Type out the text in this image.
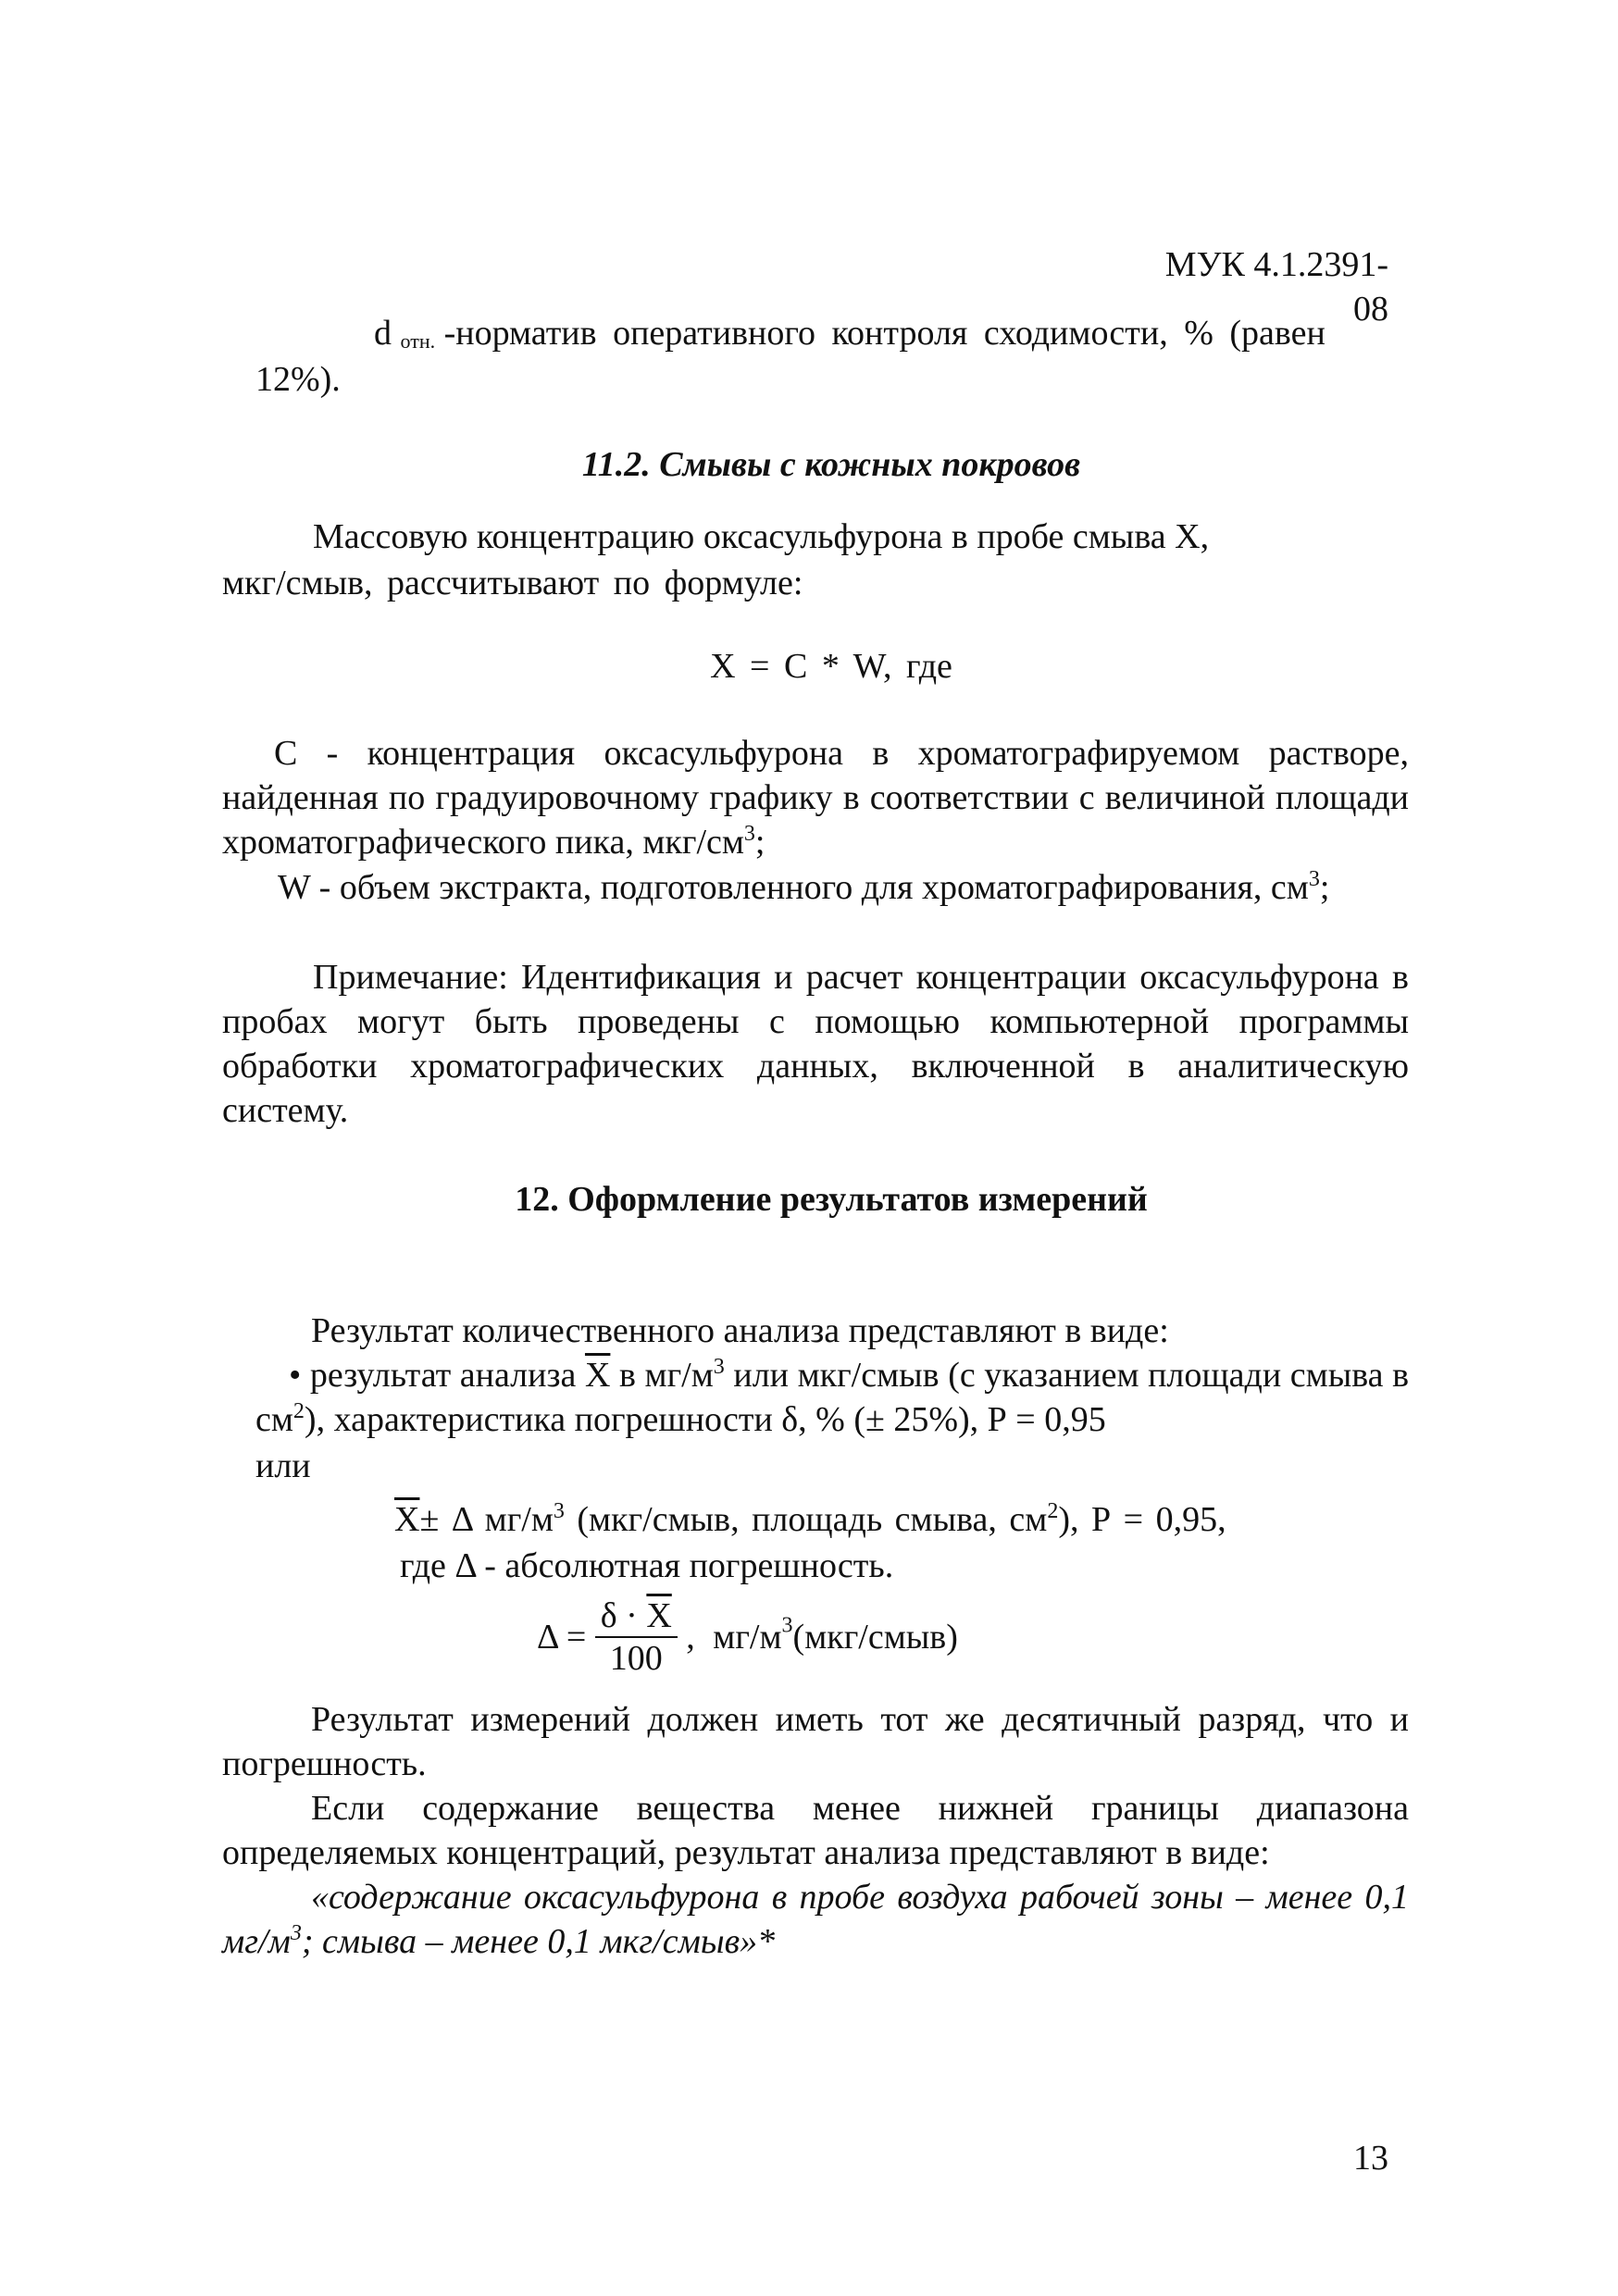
МУК 4.1.2391-08
d $_{отн.}$ -норматив оперативного контроля сходимости, % (равен
12%).
11.2. Смывы с кожных покровов
Массовую концентрацию оксасульфурона в пробе смыва X,
мкг/смыв, рассчитывают по формуле:
X = C * W, где
C - концентрация оксасульфурона в хроматографируемом растворе, найденная по градуировочному графику в соответствии с величиной площади хроматографического пика, мкг/$см^3$;
W - объем экстракта, подготовленного для хроматографирования, $см^3$;
Примечание: Идентификация и расчет концентрации оксасульфурона в пробах могут быть проведены с помощью компьютерной программы обработки хроматографических данных, включенной в аналитическую систему.
12. Оформление результатов измерений
Результат количественного анализа представляют в виде:
• результат анализа $\overline{X}$ в $мг/м^3$ или мкг/смыв (с указанием площади смыва в $см^2$), характеристика погрешности δ, % (± 25%), Р = 0,95
или
$\overline{X}\pm \Delta$ $мг/м^3$ (мкг/смыв, площадь смыва, $см^2$), Р = 0,95,
где Δ - абсолютная погрешность.
$\Delta = \frac{\delta \cdot \overline{X}}{100}$ , $мг/м^3(мкг/смыв)$
Результат измерений должен иметь тот же десятичный разряд, что и погрешность.
Если содержание вещества менее нижней границы диапазона определяемых концентраций, результат анализа представляют в виде:
«содержание оксасульфурона в пробе воздуха рабочей зоны – менее 0,1 $мг/м^3$; смыва – менее 0,1 мкг/смыв»*
13
